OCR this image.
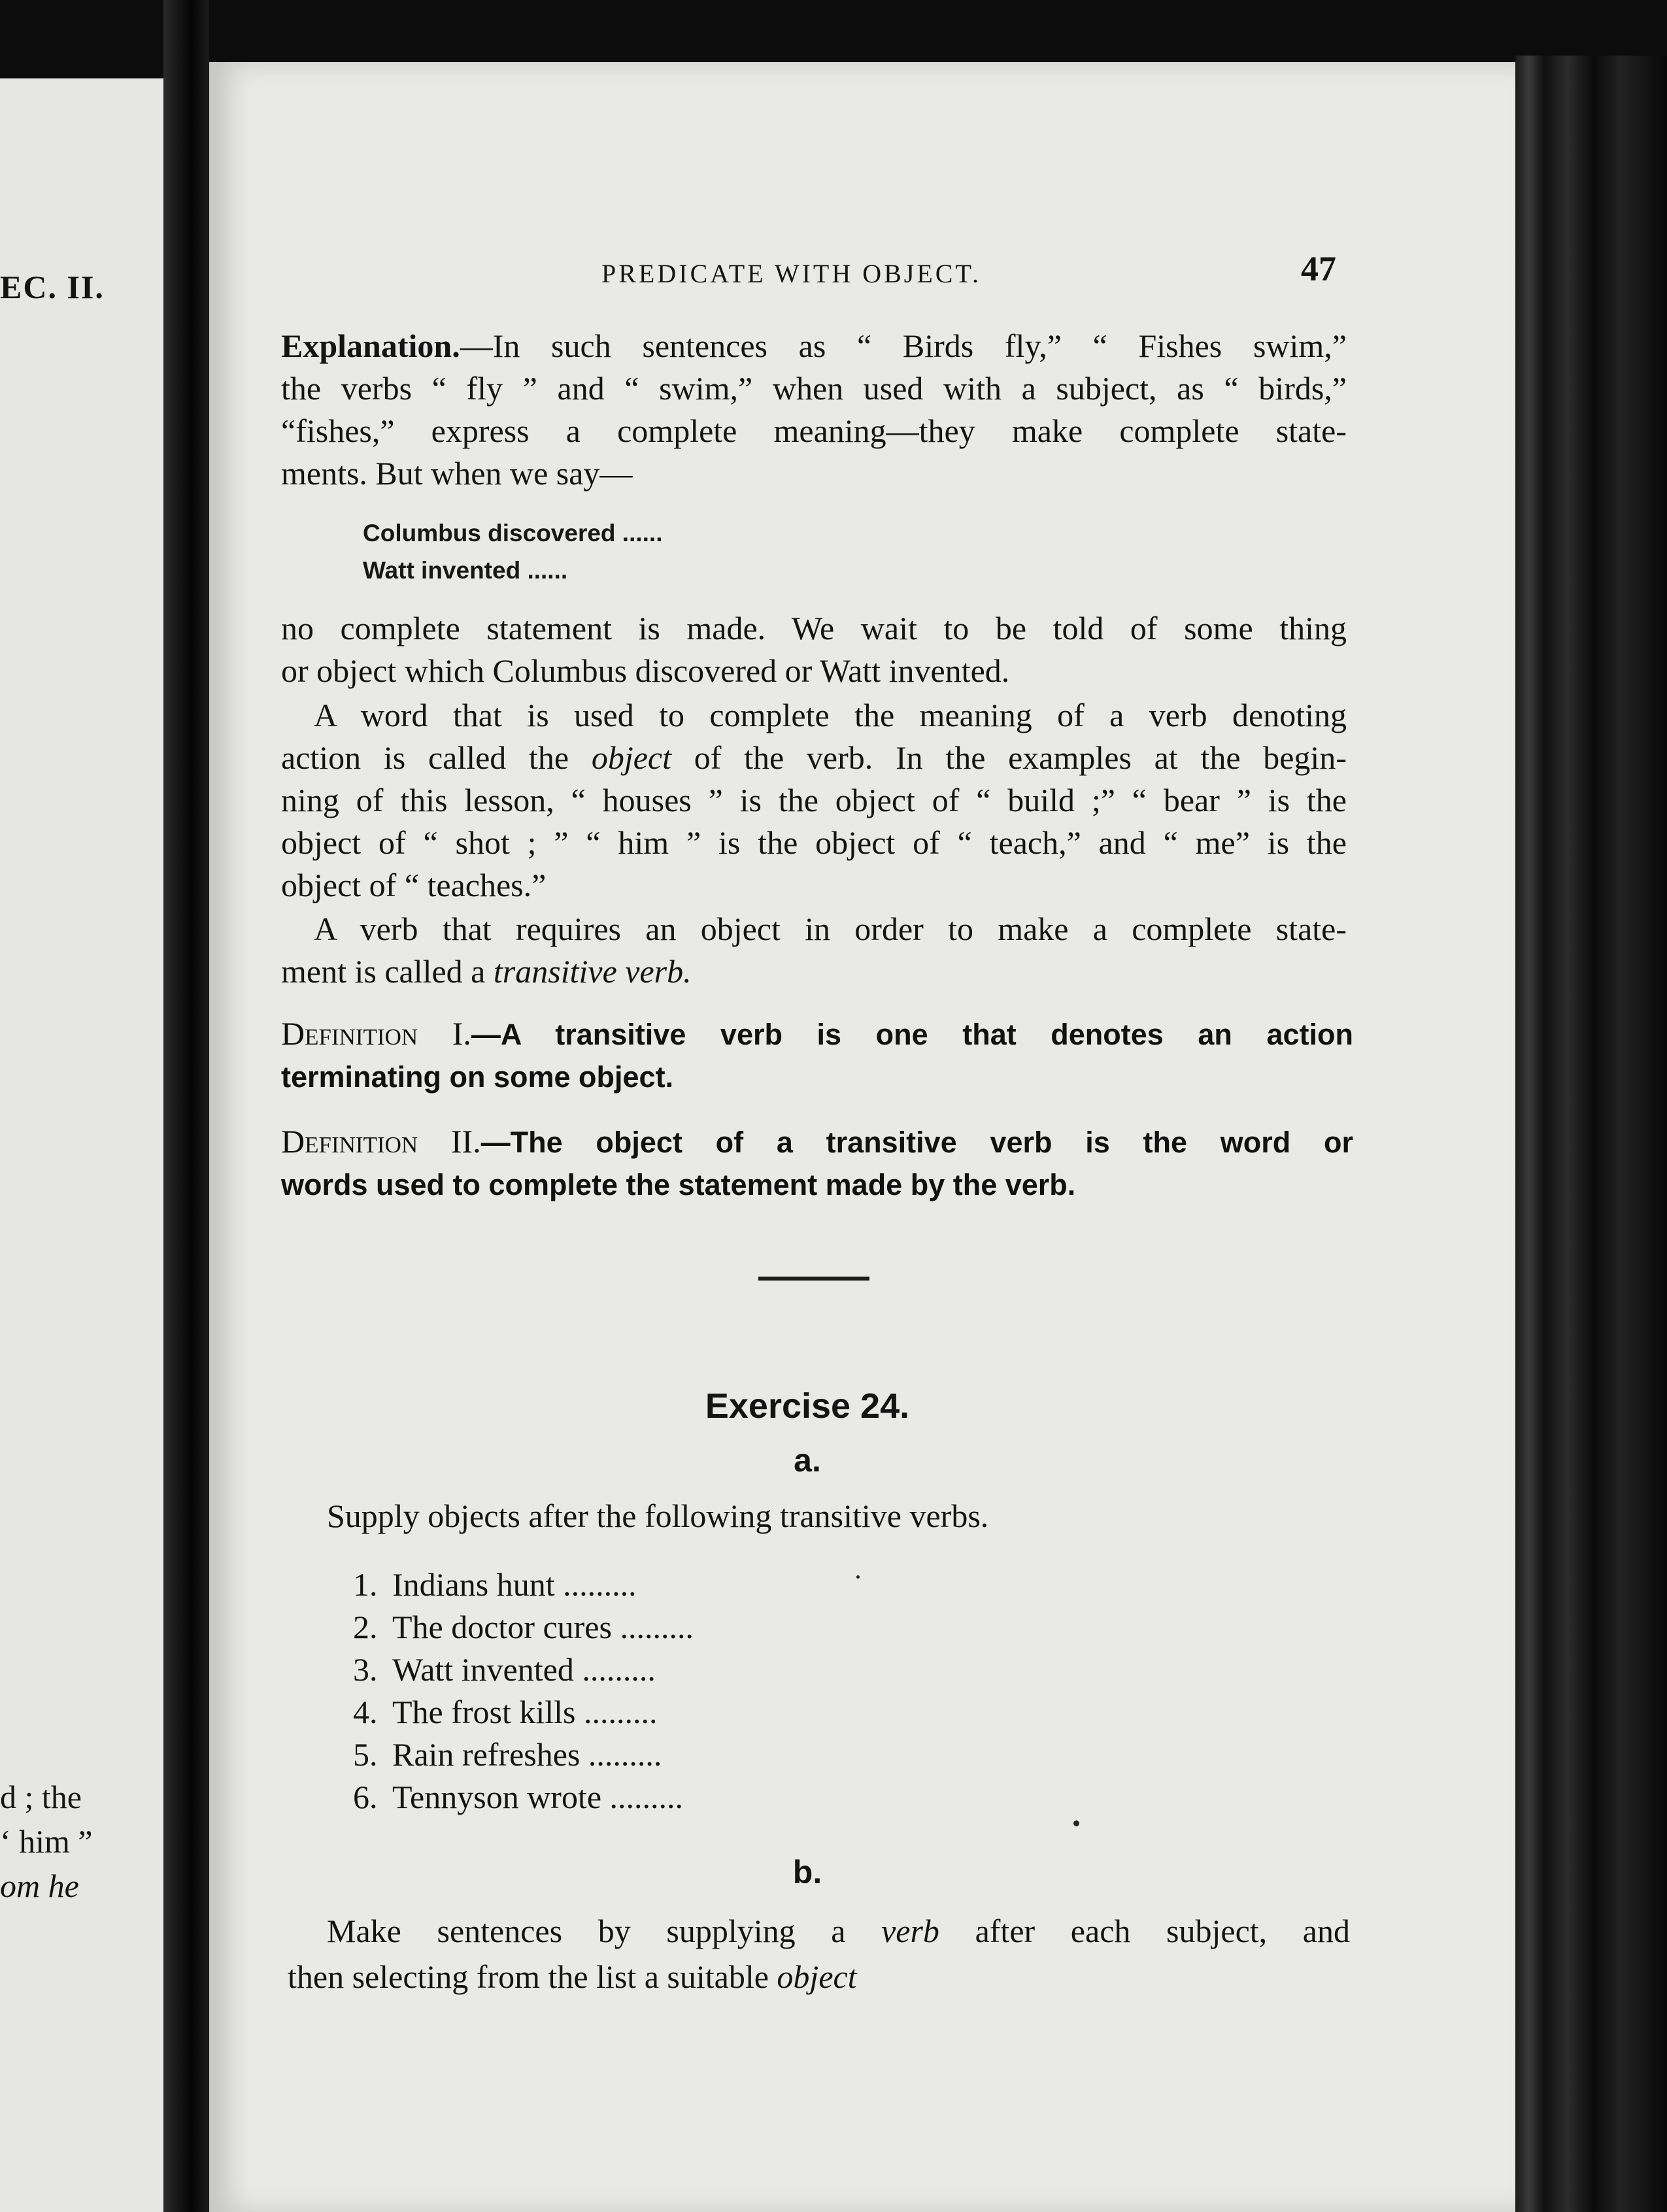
EC. II.
d ; the
‘ him ”
om he
PREDICATE WITH OBJECT.	47
Explanation.—In such sentences as “ Birds fly,” “ Fishes swim,”
the verbs “ fly ” and “ swim,” when used with a subject, as “ birds,”
“fishes,” express a complete meaning—they make complete state-
ments. But when we say—
Columbus discovered ......
Watt invented ......
no complete statement is made. We wait to be told of some thing
or object which Columbus discovered or Watt invented.
A word that is used to complete the meaning of a verb denoting
action is called the object of the verb. In the examples at the begin-
ning of this lesson, “ houses ” is the object of “ build ;” “ bear ” is the
object of “ shot ; ” “ him ” is the object of “ teach,” and “ me” is the
object of “ teaches.”
A verb that requires an object in order to make a complete state-
ment is called a transitive verb.
Definition I.—A transitive verb is one that denotes an action
terminating on some object.
Definition II.—The object of a transitive verb is the word or
words used to complete the statement made by the verb.
Exercise 24.
a.
Supply objects after the following transitive verbs.
1. Indians hunt .........
2. The doctor cures .........
3. Watt invented .........
4. The frost kills .........
5. Rain refreshes .........
6. Tennyson wrote .........
b.
Make sentences by supplying a verb after each subject, and
then selecting from the list a suitable object
